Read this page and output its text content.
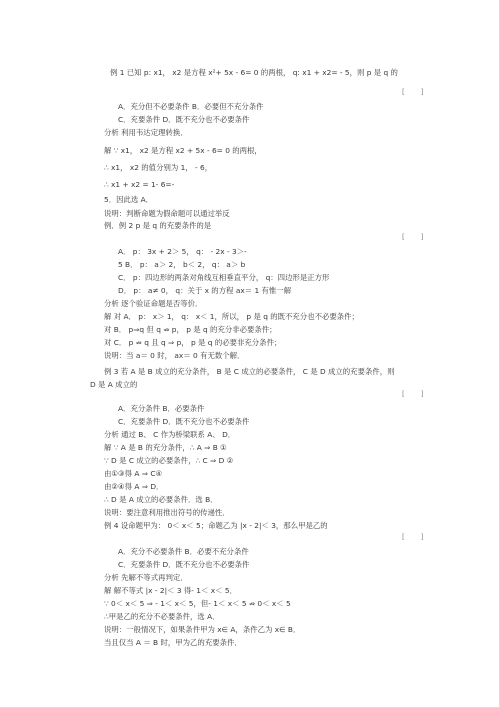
例 1 已知 p: x1， x2 是方程 x²+ 5x - 6= 0 的两根， q: x1 + x2= - 5，则 p 是 q 的
[ ]
A．充分但不必要条件 B．必要但不充分条件
C．充要条件 D．既不充分也不必要条件
分析 利用韦达定理转换．
解 ∵ x1， x2 是方程 x2 + 5x - 6= 0 的两根，
∴ x1， x2 的值分别为 1， - 6，
∴ x1 + x2 = 1- 6=-
5．因此选 A．
说明：判断命题为假命题可以通过举反
例．例 2 p 是 q 的充要条件的是
[ ]
A． p： 3x + 2＞ 5， q： - 2x - 3＞-
5 B． p： a＞ 2， b＜ 2， q： a＞ b
C． p：四边形的两条对角线互相垂直平分， q：四边形是正方形
D． p： a≠ 0， q：关于 x 的方程 ax＝ 1 有惟一解
分析 逐个验证命题是否等价．
解 对 A． p： x＞ 1， q： x＜ 1，所以， p 是 q 的既不充分也不必要条件；
对 B． p⇒q 但 q ⇏ p， p 是 q 的充分非必要条件；
对 C． p ⇏ q 且 q ⇒ p， p 是 q 的必要非充分条件；
说明：当 a＝ 0 时， ax＝ 0 有无数个解．
例 3 若 A 是 B 成立的充分条件， B 是 C 成立的必要条件， C 是 D 成立的充要条件，则
D 是 A 成立的
[ ]
A．充分条件 B．必要条件
C．充要条件 D．既不充分也不必要条件
分析 通过 B、 C 作为桥梁联系 A、 D．
解 ∵ A 是 B 的充分条件，∴ A ⇒ B ①
∵ D 是 C 成立的必要条件，∴ C ⇒ D ②
由①③得 A ⇒ C④
由②④得 A ⇒ D．
∴ D 是 A 成立的必要条件．选 B．
说明：要注意利用推出符号的传递性．
例 4 设命题甲为： 0＜ x＜ 5；命题乙为 |x - 2|＜ 3，那么甲是乙的
[ ]
A．充分不必要条件 B．必要不充分条件
C．充要条件 D．既不充分也不必要条件
分析 先解不等式再判定．
解 解不等式 |x - 2|＜ 3 得- 1＜ x＜ 5．
∵ 0＜ x＜ 5 ⇒ - 1＜ x＜ 5，但- 1＜ x＜ 5 ⇏ 0＜ x＜ 5
∴甲是乙的充分不必要条件，选 A．
说明：一般情况下，如果条件甲为 x∈ A，条件乙为 x∈ B．
当且仅当 A ＝ B 时，甲为乙的充要条件．
